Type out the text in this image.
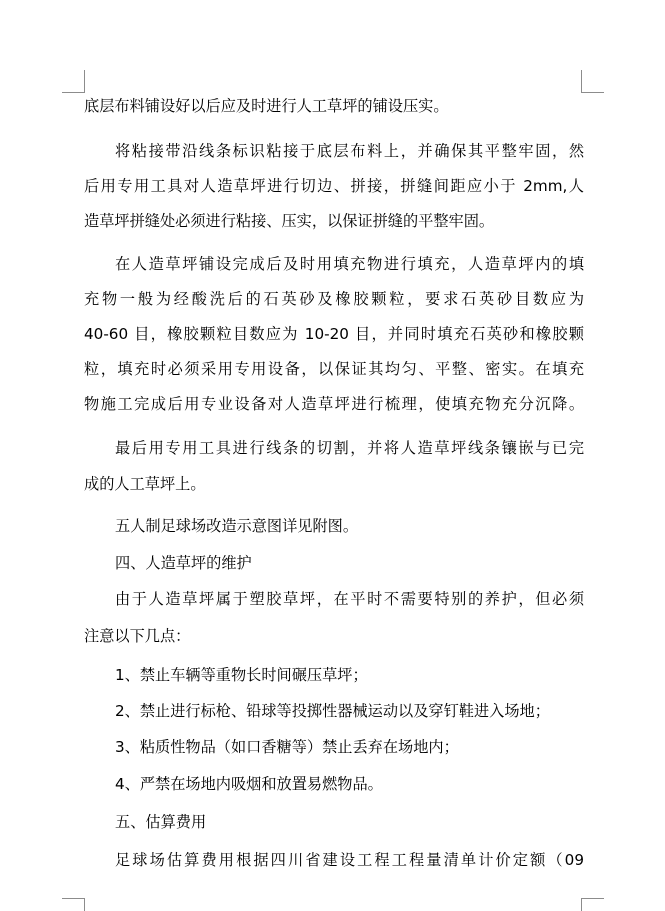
底层布料铺设好以后应及时进行人工草坪的铺设压实。
将粘接带沿线条标识粘接于底层布料上，并确保其平整牢固，然
后用专用工具对人造草坪进行切边、拼接，拼缝间距应小于 2mm,人
造草坪拼缝处必须进行粘接、压实，以保证拼缝的平整牢固。
在人造草坪铺设完成后及时用填充物进行填充，人造草坪内的填
充物一般为经酸洗后的石英砂及橡胶颗粒，要求石英砂目数应为
40-60 目，橡胶颗粒目数应为 10-20 目，并同时填充石英砂和橡胶颗
粒，填充时必须采用专用设备，以保证其均匀、平整、密实。在填充
物施工完成后用专业设备对人造草坪进行梳理，使填充物充分沉降。
最后用专用工具进行线条的切割，并将人造草坪线条镶嵌与已完
成的人工草坪上。
五人制足球场改造示意图详见附图。
四、人造草坪的维护
由于人造草坪属于塑胶草坪，在平时不需要特别的养护，但必须
注意以下几点：
1、禁止车辆等重物长时间碾压草坪；
2、禁止进行标枪、铅球等投掷性器械运动以及穿钉鞋进入场地；
3、粘质性物品（如口香糖等）禁止丢弃在场地内；
4、严禁在场地内吸烟和放置易燃物品。
五、估算费用
足球场估算费用根据四川省建设工程工程量清单计价定额（09
